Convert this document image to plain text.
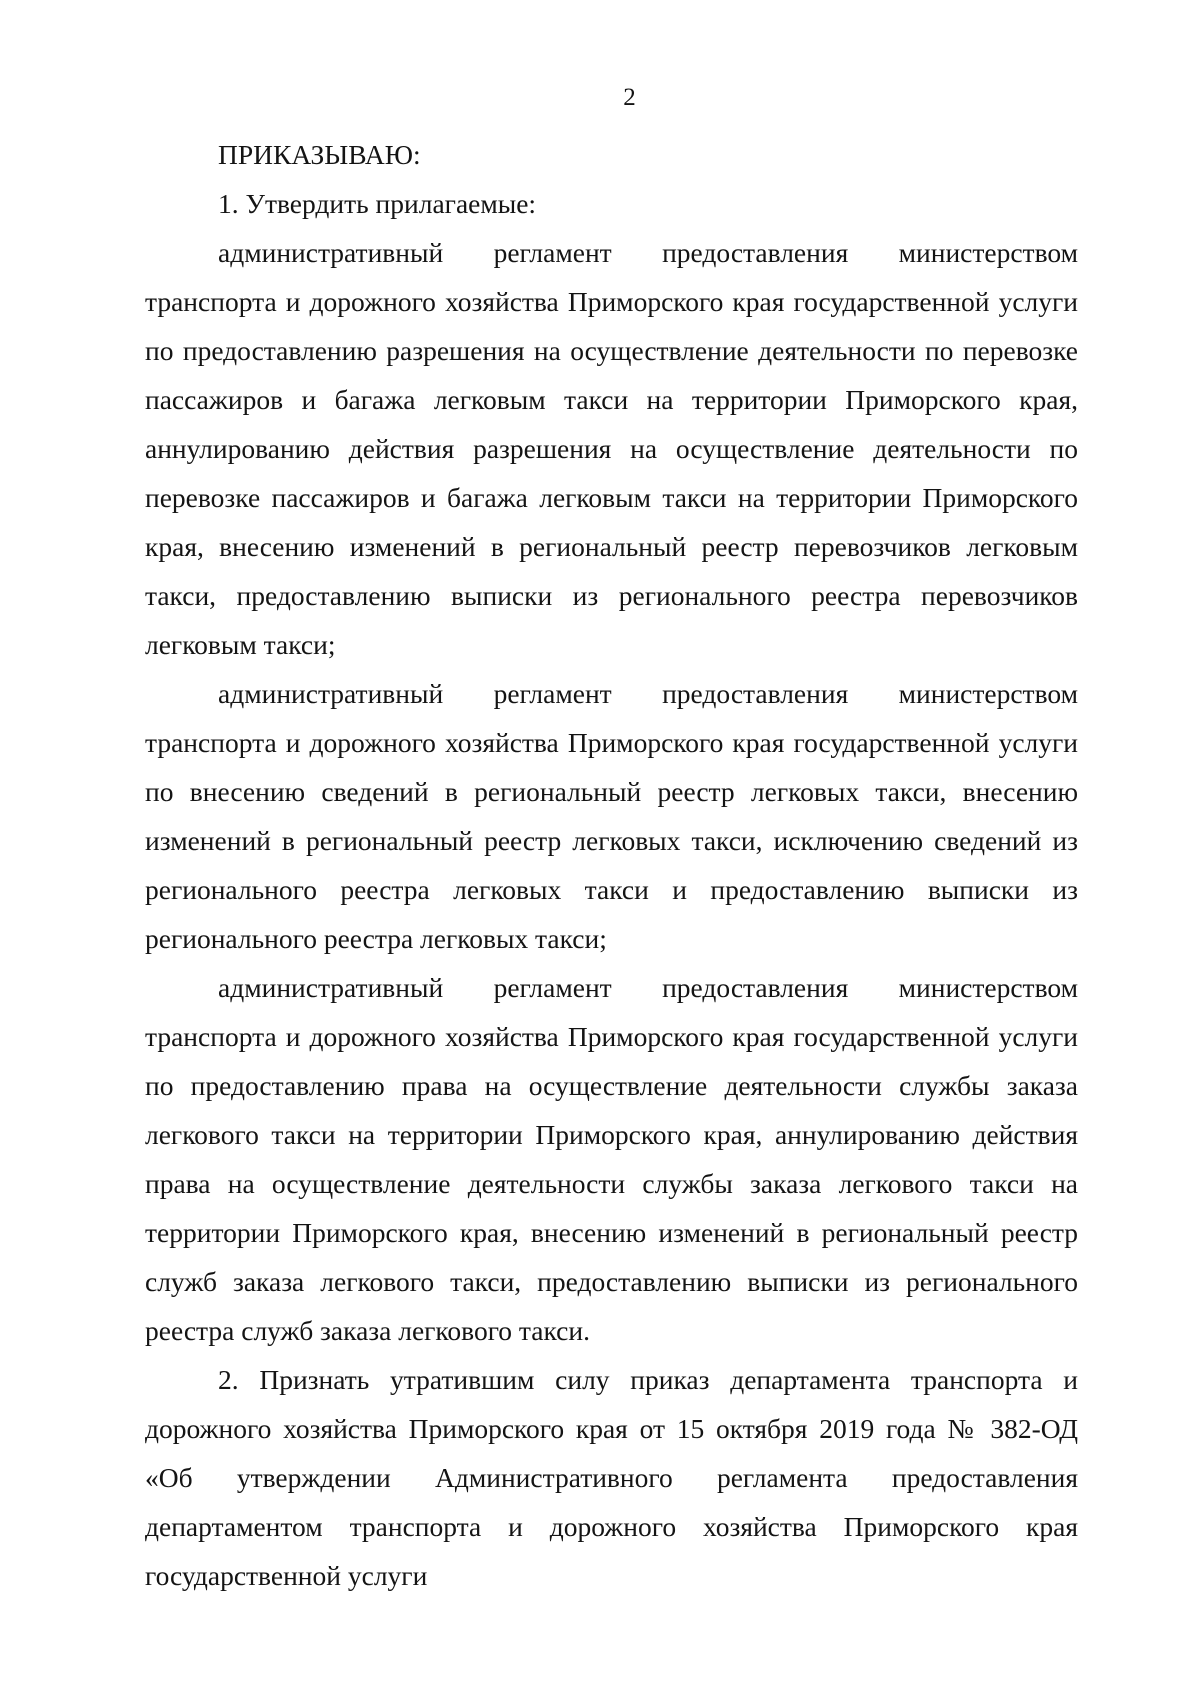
2

ПРИКАЗЫВАЮ:

1. Утвердить прилагаемые:

административный регламент предоставления министерством транспорта и дорожного хозяйства Приморского края государственной услуги по предоставлению разрешения на осуществление деятельности по перевозке пассажиров и багажа легковым такси на территории Приморского края, аннулированию действия разрешения на осуществление деятельности по перевозке пассажиров и багажа легковым такси на территории Приморского края, внесению изменений в региональный реестр перевозчиков легковым такси, предоставлению выписки из регионального реестра перевозчиков легковым такси;

административный регламент предоставления министерством транспорта и дорожного хозяйства Приморского края государственной услуги по внесению сведений в региональный реестр легковых такси, внесению изменений в региональный реестр легковых такси, исключению сведений из регионального реестра легковых такси и предоставлению выписки из регионального реестра легковых такси;

административный регламент предоставления министерством транспорта и дорожного хозяйства Приморского края государственной услуги по предоставлению права на осуществление деятельности службы заказа легкового такси на территории Приморского края, аннулированию действия права на осуществление деятельности службы заказа легкового такси на территории Приморского края, внесению изменений в региональный реестр служб заказа легкового такси, предоставлению выписки из регионального реестра служб заказа легкового такси.

2. Признать утратившим силу приказ департамента транспорта и дорожного хозяйства Приморского края от 15 октября 2019 года № 382-ОД «Об утверждении Административного регламента предоставления департаментом транспорта и дорожного хозяйства Приморского края государственной услуги
